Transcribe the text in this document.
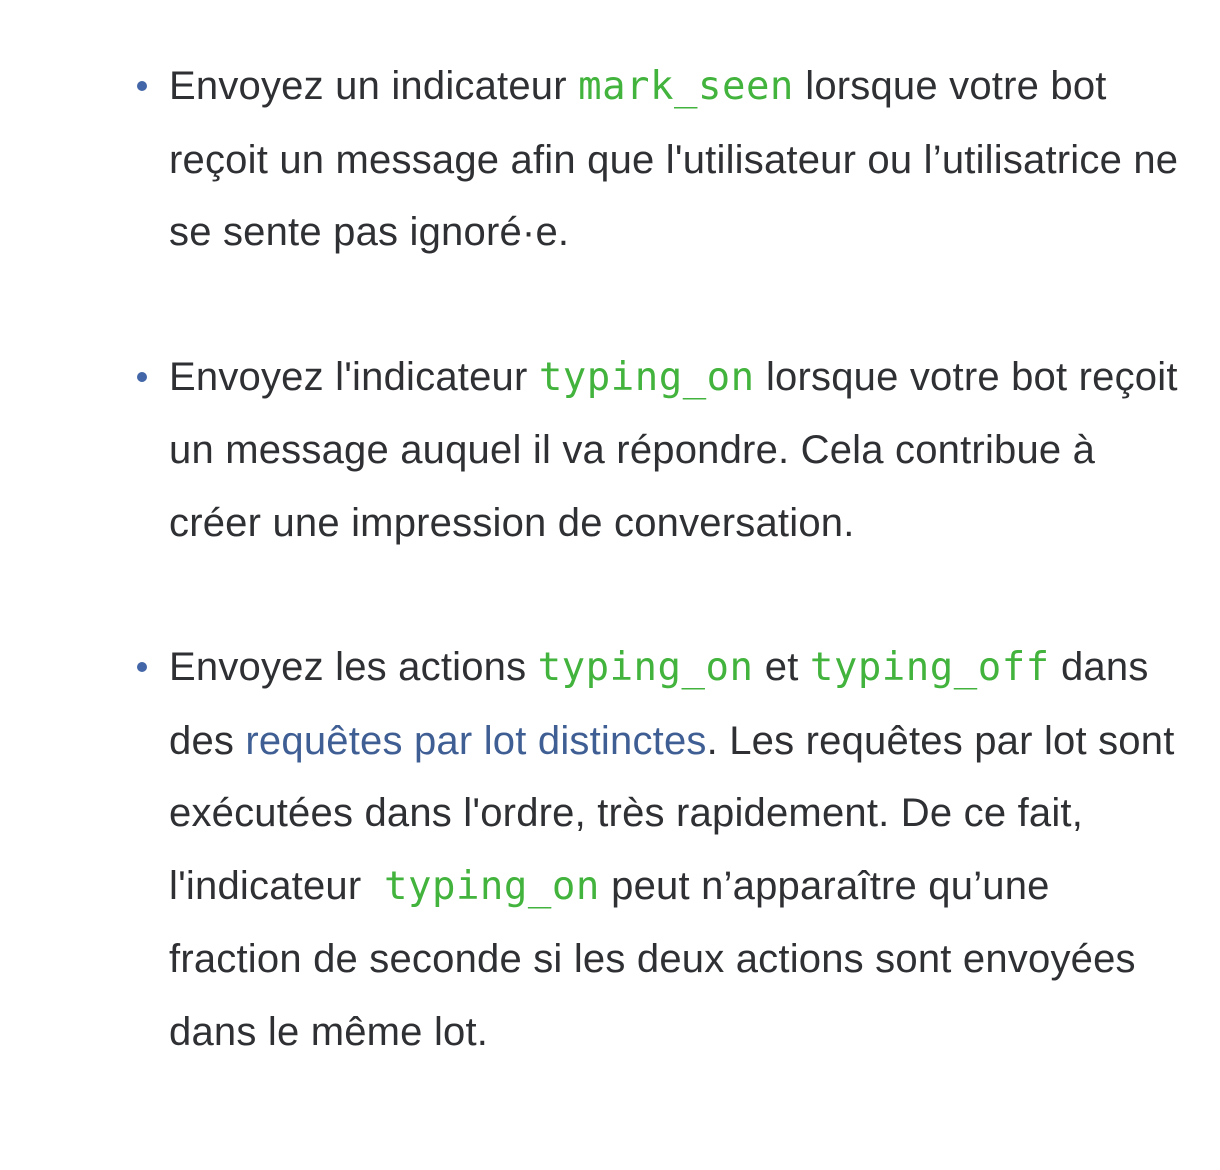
Envoyez un indicateur mark_seen lorsque votre bot reçoit un message afin que l'utilisateur ou l’utilisatrice ne se sente pas ignoré·e.
Envoyez l'indicateur typing_on lorsque votre bot reçoit un message auquel il va répondre. Cela contribue à créer une impression de conversation.
Envoyez les actions typing_on et typing_off dans des requêtes par lot distinctes. Les requêtes par lot sont exécutées dans l'ordre, très rapidement. De ce fait, l'indicateur  typing_on peut n’apparaître qu’une fraction de seconde si les deux actions sont envoyées dans le même lot.
